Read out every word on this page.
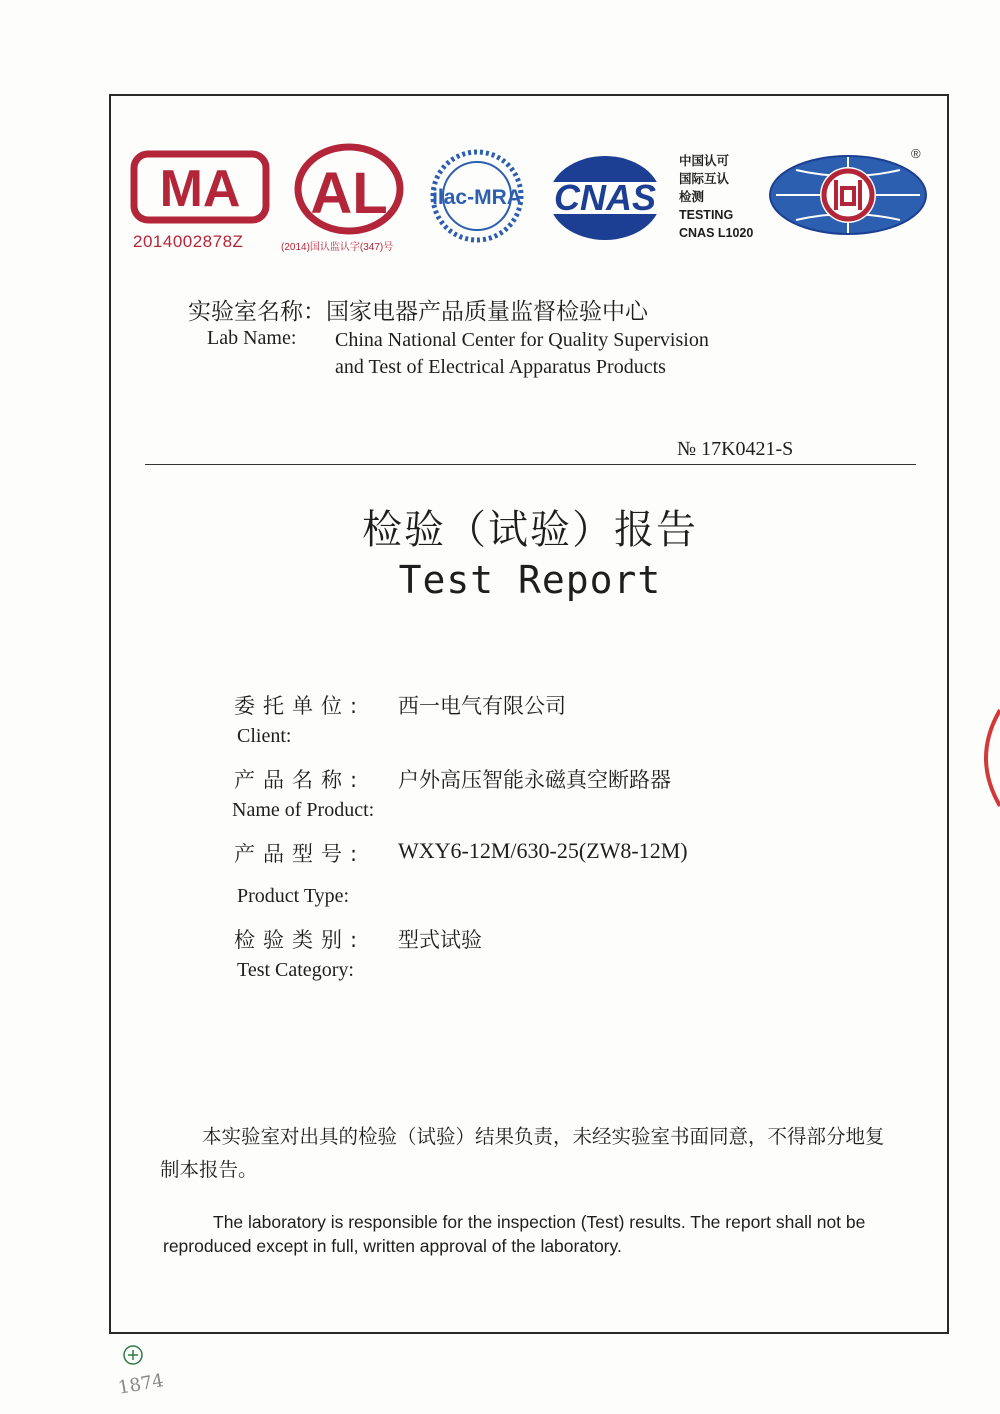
MA
2014002878Z
AL
(2014)国认监认字(347)号
ilac-MRA CNAS
中国认可
国际互认
检测
TESTING
CNAS L1020
®
实验室名称：国家电器产品质量监督检验中心
Lab Name: China National Center for Quality Supervision
and Test of Electrical Apparatus Products
№ 17K0421-S
检验（试验）报告
Test Report
委托单位: 西一电气有限公司
Client:
产品名称: 户外高压智能永磁真空断路器
Name of Product:
产品型号: WXY6-12M/630-25(ZW8-12M)
Product Type:
检验类别: 型式试验
Test Category:
本实验室对出具的检验（试验）结果负责，未经实验室书面同意，不得部分地复制本报告。
The laboratory is responsible for the inspection (Test) results. The report shall not be reproduced except in full, written approval of the laboratory.
1874
